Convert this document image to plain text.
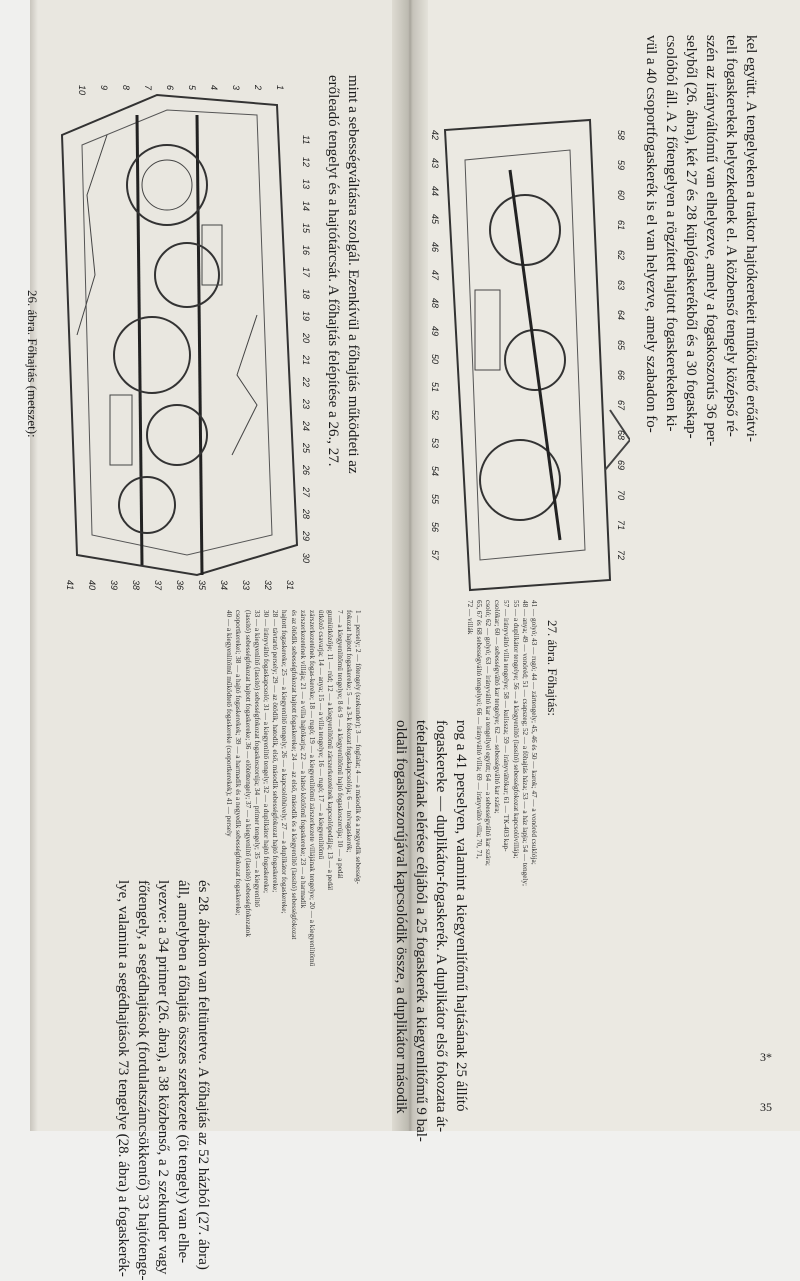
mint a sebességváltásra szolgál. Ezenkívül a főhajtás működteti az
erőleadó tengelyt és a hajtótárcsát. A főhajtás felépítése a 26., 27.
1
2
3
4
5
6
7
8
9
10
11
12
13
14
15
16
17
18
19
20
21
22
23
24
25
26
27
28
29
30
31
32
33
34
35
36
37
38
39
40
41
26. ábra. Főhajtás (metszet):
1 — persely; 2 — főtengely (szekunder); 3 — foglalat; 4 — a második és a negyedik sebesség-
fokozat hajtott fogaskereke; 5 — a 3-k fokozat fogaskapcsolója; 6 — tolvagaskerék;
7 — a kiegyenlítőmű tengelye; 8 és 9 — a kiegyenlítőmű hajtó fogaskoszorúja; 10 — a pedál
gumiütközője; 11 — rúd; 12 — a kiegyenlítőmű zárszerkezetének kapcsolópedálja; 13 — a pedál
ütköző csavarja; 14 — anya; 15 — a villa tengelye; 16 — rugó; 17 — a kiegyenlítőmű
zárszerkezetének fogas-kereke; 18 — rugó; 19 — a kiegyenlítőmű zárszerkezete villájának tengelye; 20 — a kiegyenlítőmű
zárszerkezetének villája; 21 — a villa hajtókarja; 22 — a hátsó közlőmű fogaskereke; 23 — a harmadik
és az ötödik sebességfokozat hajtott fogaskereke; 24 — az első, második és a kiegyenlítő (lassító) sebességfokozat
hajtott fogaskereke; 25 — a kiegyenlítő tengely; 26 — a kapcsolóhüvely; 27 — a duplikátor fogaskereke;
28 — távtartó persely; 29 — az ötödik, hatodik, első, második sebességfokozat hajtó fogaskereke;
30 — irányváltó fogaskapcsoló; 31 — a kiegyenlítő tengely; 32 — a duplikátor hajtó fogaskereke;
33 — a kiegyenlítő (lassító) sebességfokozat fogaskoszorúja; 34 — primer tengely; 35 — a kiegyenlítő
(lassító) sebességfokozat hajtott fogaskereke; 36 — előtéttengely; 37 — a kiegyenlítő (lassító) sebességfokozatok
csoportkerekei; 38 — a hajtó fogaskerekek; 39 — a harmadik és a negyedik sebességfokozat fogaskereke;
40 — a kiegyenlítőmű működtető fogaskereke (csoportkerekek); 41 — persely
és 28. ábrákon van feltüntetve. A főhajtás az 52 házból (27. ábra)
áll, amelyben a főhajtás összes szerkezete (öt tengely) van elhe-
lyezve: a 34 primer (26. ábra), a 38 közbenső, a 2 szekunder vagy
főtengely, a segédhajtások (fordulatszámcsökkentő) 33 hajtótenge-
lye, valamint a segédhajtások 73 tengelye (28. ábra) a fogaskerék-
kel együtt. A tengelyeken a traktor hajtókerekeit működtető erőátvi-
teli fogaskerekek helyezkednek el. A közbenső tengely középső ré-
szén az irányváltómű van elhelyezve, amely a fogaskoszorús 36 per-
selyből (26. ábra), két 27 és 28 küplógaskerékből és a 30 fogaskap-
csolóból áll. A 2 főtengelyen a rögzített hajtott fogaskerekeken ki-
vül a 40 csoportfogaskerék is el van helyezve, amely szabadon fo-
42
43
44
45
46
47
48
49
50
51
52
53
54
55
56
57
58
59
60
61
62
63
64
65
66
67
68
69
70
71
72
27. ábra. Főhajtás:
41 — golyó; 43 — rugó; 44 — zártengely; 45, 46 és 50 — karok; 47 — a vonóréd csuklója;
48 — anya; 49 — vonóréd; 51 — csapszeg; 52 — a főhajtás háza; 53 — a ház lapja; 54 — tengely;
55 — a duplikátor tengelye; 56 — a kiegyenlítő (lassító) sebességfokozat kapcsolóvillája;
57 — irányváltó villa tengelye; 58 — kulissza; 59 — irányváltókar; 61 — ТК-403 kap-
csolókar; 60 — sebességváltó kar tengelye; 62 — sebességváltó kar szára;
csoló; 62 — golyó; 63 — irányváltó kar a tengellyel együtt; 64 — a sebességváltó kar szára;
65, 67 és 68 sebességváltó tengelyei; 66 — irányváltó villa; 69 — irányváltó villa; 70, 71,
72 — villák
rog a 41 perselyen, valamint a kiegyenlítőmű hajtásának 25 állító
fogaskereke — duplikátor-fogaskerék. A duplikátor első fokozata át-
tételarányának elérése céljából a 25 fogaskerék a kiegyenlítőmű 9 bal-
oldali fogaskoszorújával kapcsolódik össze, a duplikátor második	35
3*
